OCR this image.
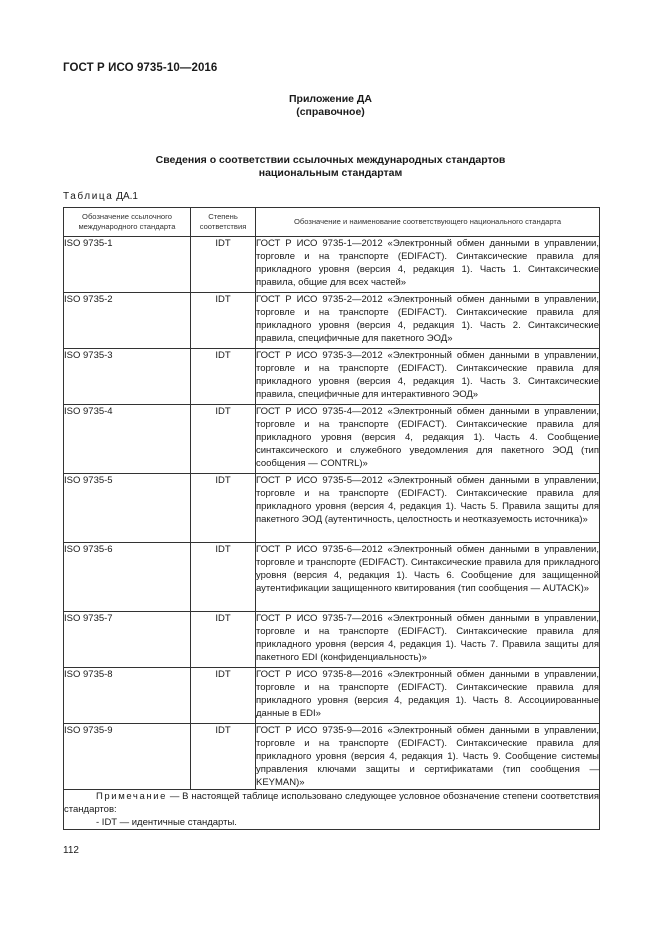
ГОСТ Р ИСО 9735-10—2016
Приложение ДА
(справочное)
Сведения о соответствии ссылочных международных стандартов
национальным стандартам
Таблица ДА.1
Обозначение ссылочного международного стандарта	Степень соответствия	Обозначение и наименование соответствующего национального стандарта
ISO 9735-1	IDT	ГОСТ Р ИСО 9735-1—2012 «Электронный обмен данными в управлении, торговле и на транспорте (EDIFACT). Синтаксические правила для прикладного уровня (версия 4, редакция 1). Часть 1. Синтаксические правила, общие для всех частей»
ISO 9735-2	IDT	ГОСТ Р ИСО 9735-2—2012 «Электронный обмен данными в управлении, торговле и на транспорте (EDIFACT). Синтаксические правила для прикладного уровня (версия 4, редакция 1). Часть 2. Синтаксические правила, специфичные для пакетного ЭОД»
ISO 9735-3	IDT	ГОСТ Р ИСО 9735-3—2012 «Электронный обмен данными в управлении, торговле и на транспорте (EDIFACT). Синтаксические правила для прикладного уровня (версия 4, редакция 1). Часть 3. Синтаксические правила, специфичные для интерактивного ЭОД»
ISO 9735-4	IDT	ГОСТ Р ИСО 9735-4—2012 «Электронный обмен данными в управлении, торговле и на транспорте (EDIFACT). Синтаксические правила для прикладного уровня (версия 4, редакция 1). Часть 4. Сообщение синтаксического и служебного уведомления для пакетного ЭОД (тип сообщения — CONTRL)»
ISO 9735-5	IDT	ГОСТ Р ИСО 9735-5—2012 «Электронный обмен данными в управлении, торговле и на транспорте (EDIFACT). Синтаксические правила для прикладного уровня (версия 4, редакция 1). Часть 5. Правила защиты для пакетного ЭОД (аутентичность, целостность и неотказуемость источника)»
ISO 9735-6	IDT	ГОСТ Р ИСО 9735-6—2012 «Электронный обмен данными в управлении, торговле и транспорте (EDIFACT). Синтаксические правила для прикладного уровня (версия 4, редакция 1). Часть 6. Сообщение для защищенной аутентификации защищенного квитирования (тип сообщения — AUTACK)»
ISO 9735-7	IDT	ГОСТ Р ИСО 9735-7—2016 «Электронный обмен данными в управлении, торговле и на транспорте (EDIFACT). Синтаксические правила для прикладного уровня (версия 4, редакция 1). Часть 7. Правила защиты для пакетного EDI (конфиденциальность)»
ISO 9735-8	IDT	ГОСТ Р ИСО 9735-8—2016 «Электронный обмен данными в управлении, торговле и на транспорте (EDIFACT). Синтаксические правила для прикладного уровня (версия 4, редакция 1). Часть 8. Ассоциированные данные в EDI»
ISO 9735-9	IDT	ГОСТ Р ИСО 9735-9—2016 «Электронный обмен данными в управлении, торговле и на транспорте (EDIFACT). Синтаксические правила для прикладного уровня (версия 4, редакция 1). Часть 9. Сообщение системы управления ключами защиты и сертификатами (тип сообщения — KEYMAN)»

Примечание — В настоящей таблице использовано следующее условное обозначение степени соответствия стандартов:
- IDT — идентичные стандарты.		
112
